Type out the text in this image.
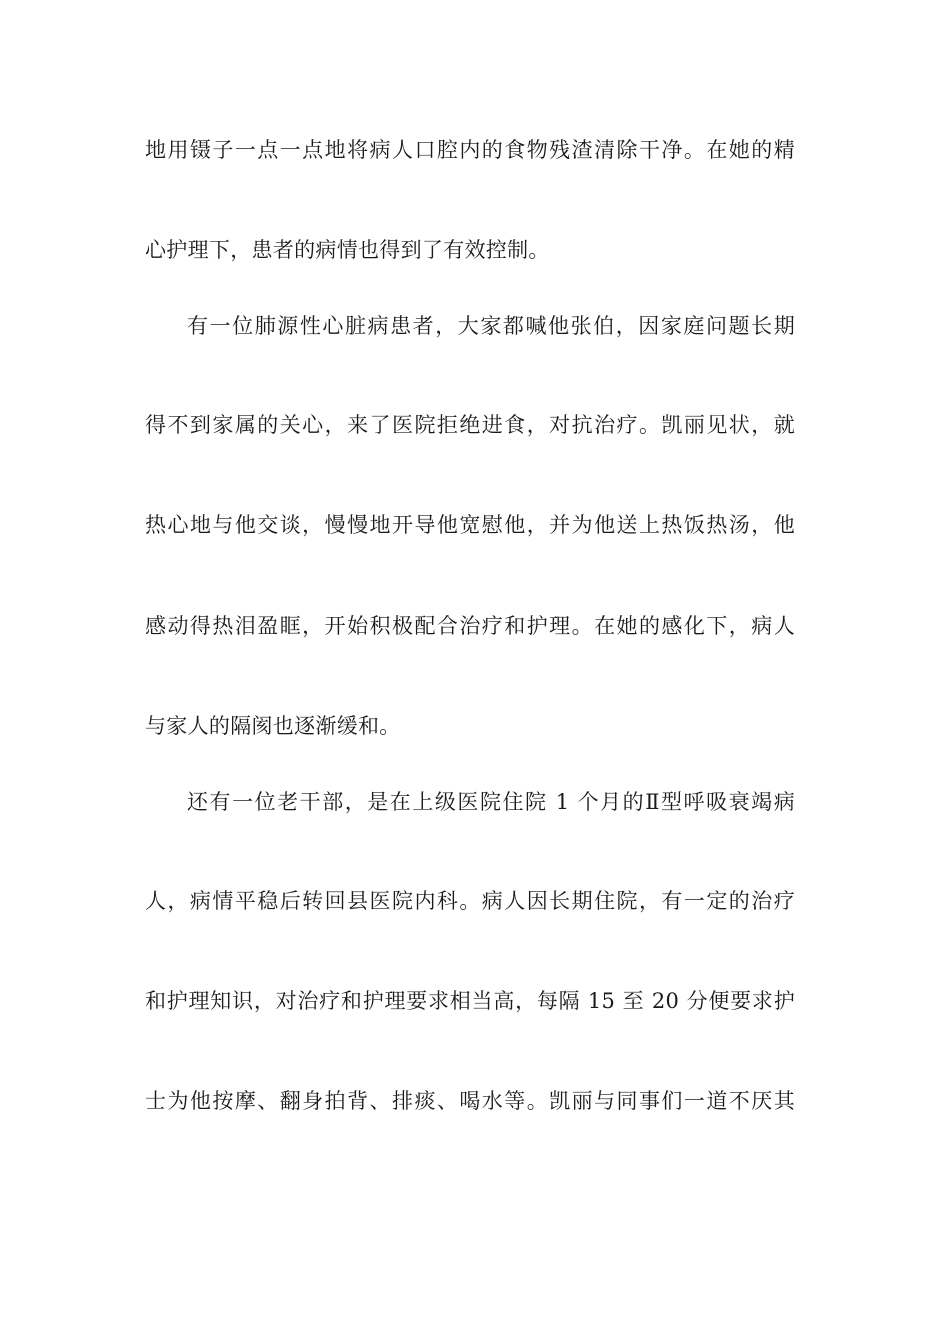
地用镊子一点一点地将病人口腔内的食物残渣清除干净。在她的精
心护理下，患者的病情也得到了有效控制。
有一位肺源性心脏病患者，大家都喊他张伯，因家庭问题长期
得不到家属的关心，来了医院拒绝进食，对抗治疗。凯丽见状，就
热心地与他交谈，慢慢地开导他宽慰他，并为他送上热饭热汤，他
感动得热泪盈眶，开始积极配合治疗和护理。在她的感化下，病人
与家人的隔阂也逐渐缓和。
还有一位老干部，是在上级医院住院 1 个月的Ⅱ型呼吸衰竭病
人，病情平稳后转回县医院内科。病人因长期住院，有一定的治疗
和护理知识，对治疗和护理要求相当高，每隔 15 至 20 分便要求护
士为他按摩、翻身拍背、排痰、喝水等。凯丽与同事们一道不厌其
